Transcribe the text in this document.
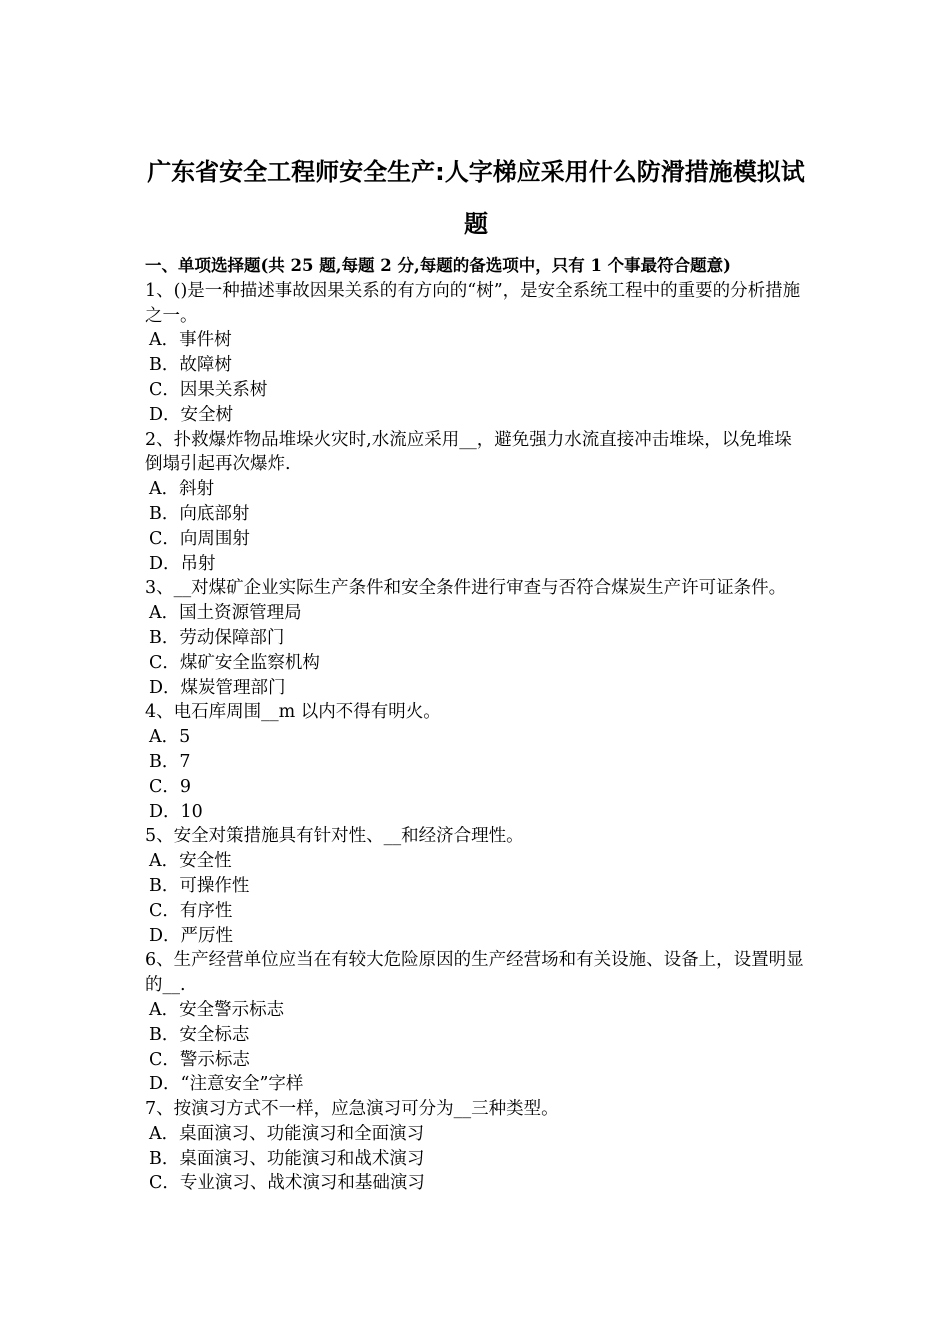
广东省安全工程师安全生产:人字梯应采用什么防滑措施模拟试题
一、单项选择题(共 25 题,每题 2 分,每题的备选项中，只有 1 个事最符合题意)

1、()是一种描述事故因果关系的有方向的“树”，是安全系统工程中的重要的分析措施之一。

A．事件树
B．故障树
C．因果关系树
D．安全树

2、扑救爆炸物品堆垛火灾时,水流应采用__，避免强力水流直接冲击堆垛，以免堆垛倒塌引起再次爆炸.

A．斜射
B．向底部射
C．向周围射
D．吊射

3、__对煤矿企业实际生产条件和安全条件进行审查与否符合煤炭生产许可证条件。

A．国土资源管理局
B．劳动保障部门
C．煤矿安全监察机构
D．煤炭管理部门

4、电石库周围__m 以内不得有明火。

A．5
B．7
C．9
D．10

5、安全对策措施具有针对性、__和经济合理性。

A．安全性
B．可操作性
C．有序性
D．严厉性

6、生产经营单位应当在有较大危险原因的生产经营场和有关设施、设备上，设置明显的__.

A．安全警示标志
B．安全标志
C．警示标志
D．“注意安全”字样

7、按演习方式不一样，应急演习可分为__三种类型。

A．桌面演习、功能演习和全面演习
B．桌面演习、功能演习和战术演习
C．专业演习、战术演习和基础演习
